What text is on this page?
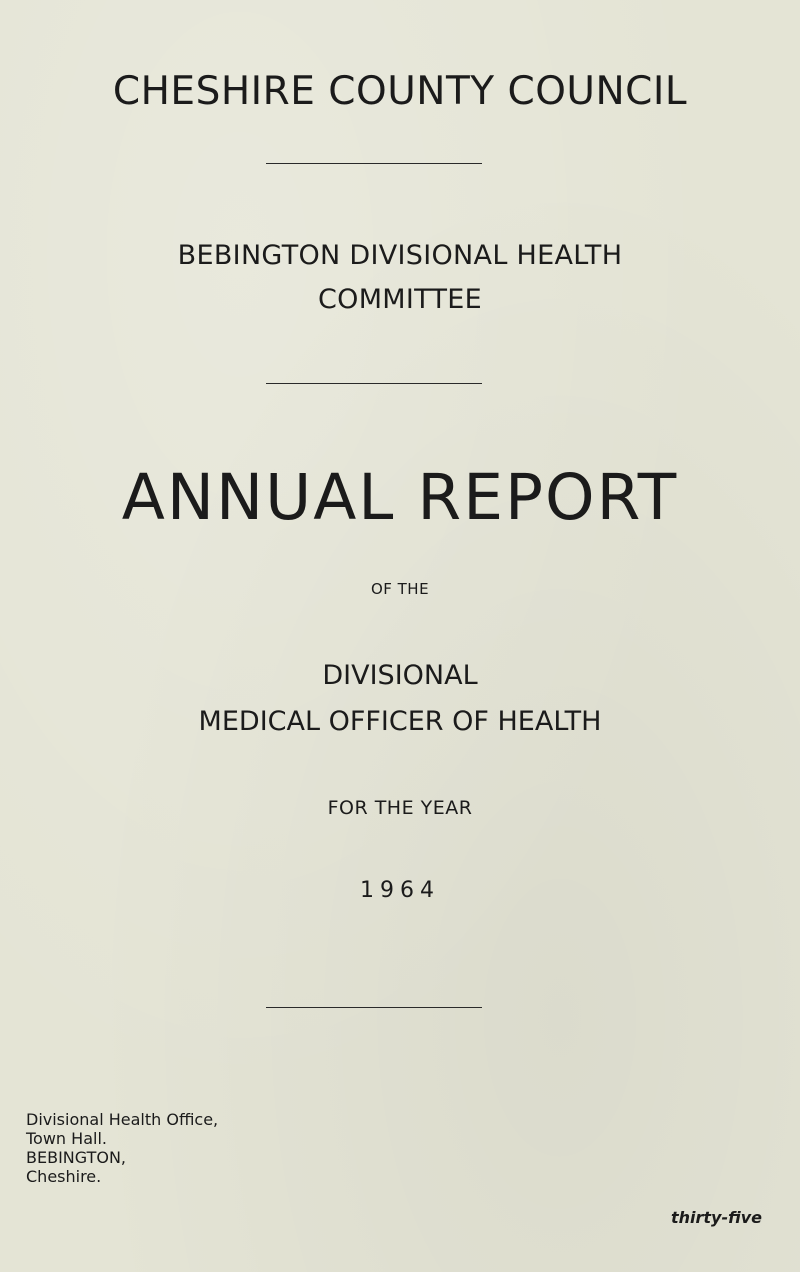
CHESHIRE COUNTY COUNCIL
BEBINGTON DIVISIONAL HEALTH
COMMITTEE
ANNUAL REPORT
OF THE
DIVISIONAL
MEDICAL OFFICER OF HEALTH
FOR THE YEAR
1964
Divisional Health Office,
Town Hall.
BEBINGTON,
Cheshire.
thirty-five
